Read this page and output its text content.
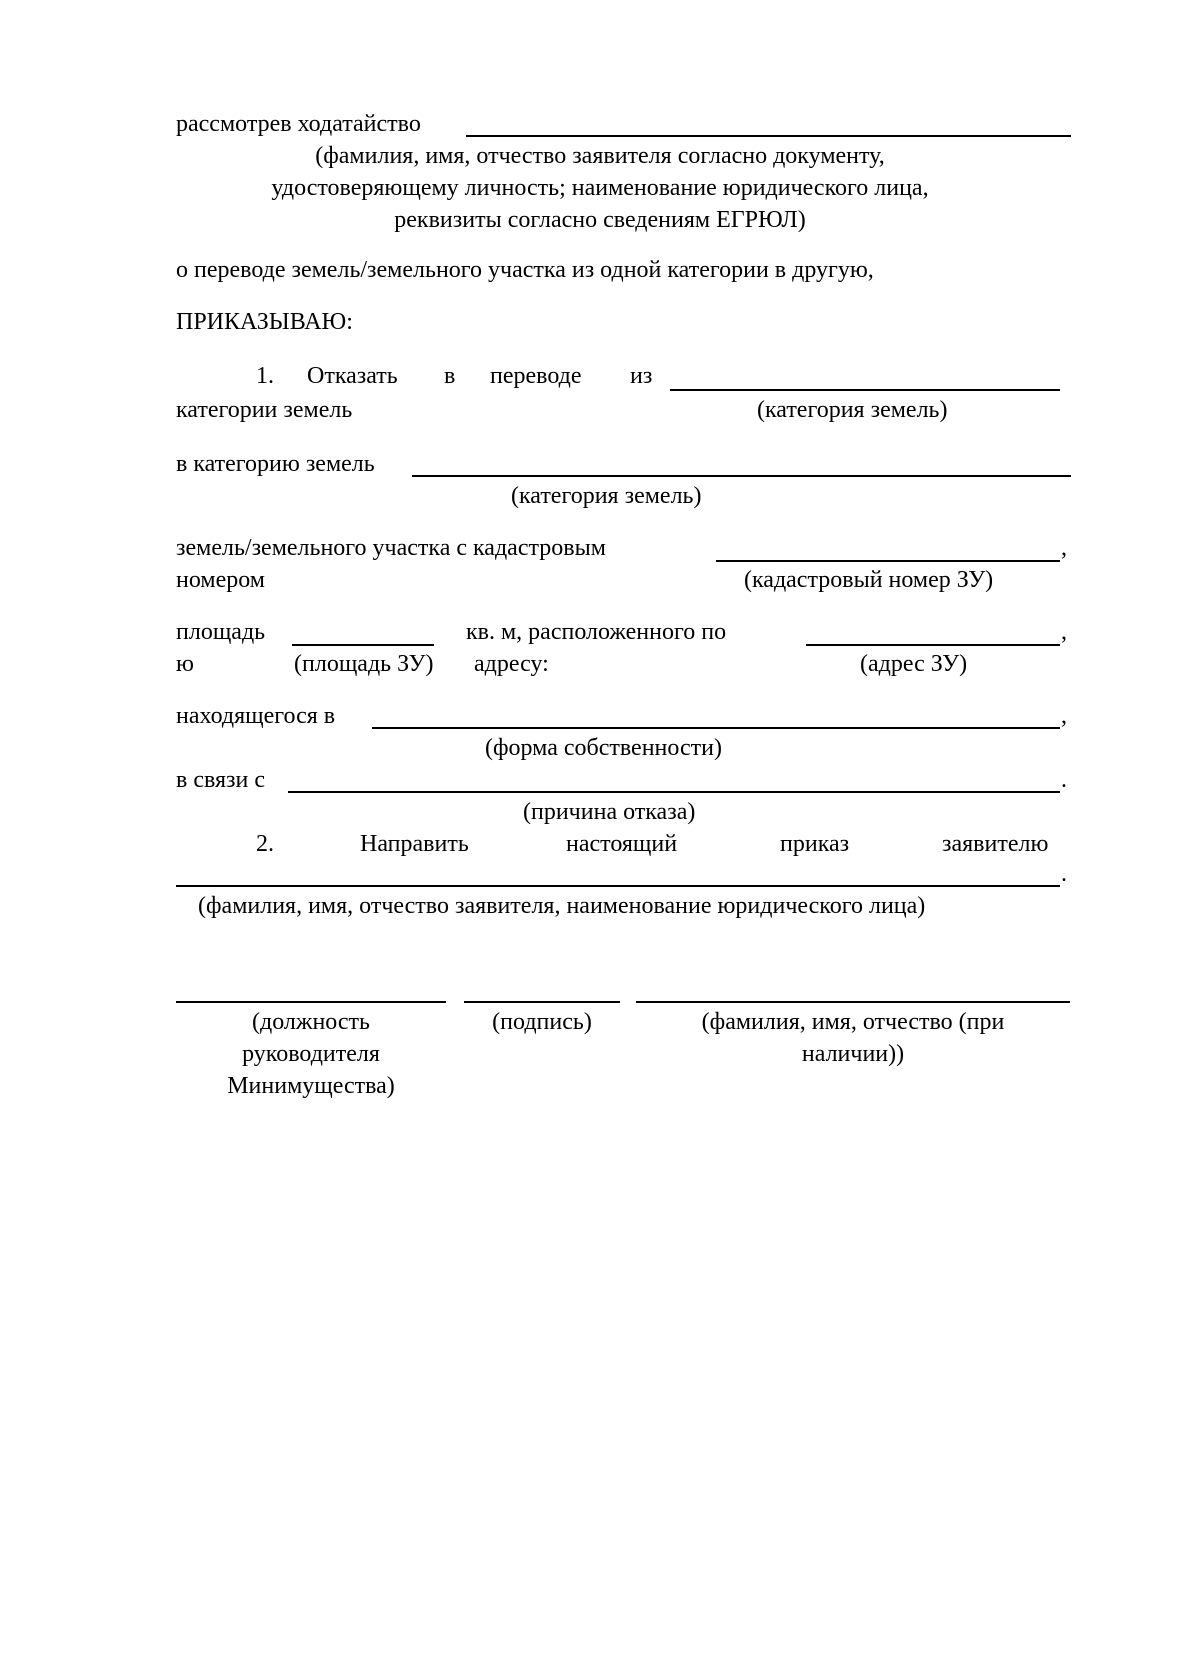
рассмотрев ходатайство
(фамилия, имя, отчество заявителя согласно документу,
удостоверяющему личность; наименование юридического лица,
реквизиты согласно сведениям ЕГРЮЛ)
о переводе земель/земельного участка из одной категории в другую,
ПРИКАЗЫВАЮ:
1. Отказать в переводе из
категории земель	(категория земель)
в категорию земель
(категория земель)
земель/земельного участка с кадастровым	,
номером	(кадастровый номер ЗУ)
площадь	кв. м, расположенного по	,
ю	(площадь ЗУ) адресу:	(адрес ЗУ)
находящегося в	,
(форма собственности)
в связи с	.
(причина отказа)
2.	Направить	настоящий	приказ	заявителю
.
(фамилия, имя, отчество заявителя, наименование юридического лица)
(должность
руководителя
Минимущества)
(подпись)	(фамилия, имя, отчество (при
наличии))
